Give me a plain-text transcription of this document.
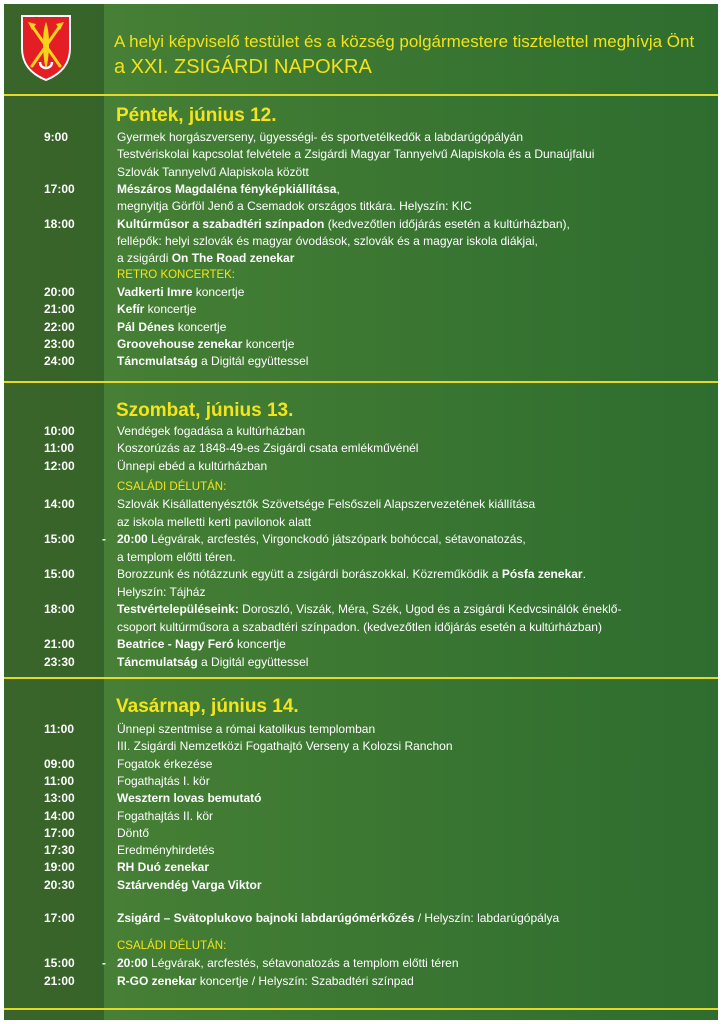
A helyi képviselő testület és a község polgármestere tisztelettel meghívja Önt
a XXI. ZSIGÁRDI NAPOKRA
Péntek, június 12.
RETRO KONCERTEK:
Szombat, június 13.
CSALÁDI DÉLUTÁN:
Vasárnap, június 14.
CSALÁDI DÉLUTÁN:
9:00	Gyermek horgászverseny, ügyességi- és sportvetélkedők a labdarúgópályán
Testvériskolai kapcsolat felvétele a Zsigárdi Magyar Tannyelvű Alapiskola és a Dunaújfalui
Szlovák Tannyelvű Alapiskola között
17:00	Mészáros Magdaléna fényképkiállítása,
megnyitja Görföl Jenő a Csemadok országos titkára. Helyszín: KIC
18:00	Kultúrműsor a szabadtéri színpadon (kedvezőtlen időjárás esetén a kultúrházban),
fellépők: helyi szlovák és magyar óvodások, szlovák és a magyar iskola diákjai,
a zsigárdi On The Road zenekar
20:00	Vadkerti Imre koncertje
21:00	Kefír koncertje
22:00	Pál Dénes koncertje
23:00	Groovehouse zenekar koncertje
24:00	Táncmulatság a Digitál együttessel
10:00	Vendégek fogadása a kultúrházban
11:00	Koszorúzás az 1848-49-es Zsigárdi csata emlékművénél
12:00	Ünnepi ebéd a kultúrházban
14:00	Szlovák Kisállattenyésztők Szövetsége Felsőszeli Alapszervezetének kiállítása
az iskola melletti kerti pavilonok alatt
15:00	- 20:00 Légvárak, arcfestés, Virgonckodó játszópark bohóccal, sétavonatozás,
a templom előtti téren.
15:00	Borozzunk és nótázzunk együtt a zsigárdi borászokkal. Közreműködik a Pósfa zenekar.
Helyszín: Tájház
18:00	Testvértelepüléseink: Doroszló, Viszák, Méra, Szék, Ugod és a zsigárdi Kedvcsinálók éneklő-
csoport kultúrműsora a szabadtéri színpadon. (kedvezőtlen időjárás esetén a kultúrházban)
21:00	Beatrice - Nagy Feró koncertje
23:30	Táncmulatság a Digitál együttessel
11:00	Ünnepi szentmise a római katolikus templomban
III. Zsigárdi Nemzetközi Fogathajtó Verseny a Kolozsi Ranchon
09:00	Fogatok érkezése
11:00	Fogathajtás I. kör
13:00	Wesztern lovas bemutató
14:00	Fogathajtás II. kör
17:00	Döntő
17:30	Eredményhirdetés
19:00	RH Duó zenekar
20:30	Sztárvendég Varga Viktor
17:00	Zsigárd – Svätoplukovo bajnoki labdarúgómérkőzés / Helyszín: labdarúgópálya
15:00	- 20:00 Légvárak, arcfestés, sétavonatozás a templom előtti téren
21:00	R-GO zenekar koncertje / Helyszín: Szabadtéri színpad
